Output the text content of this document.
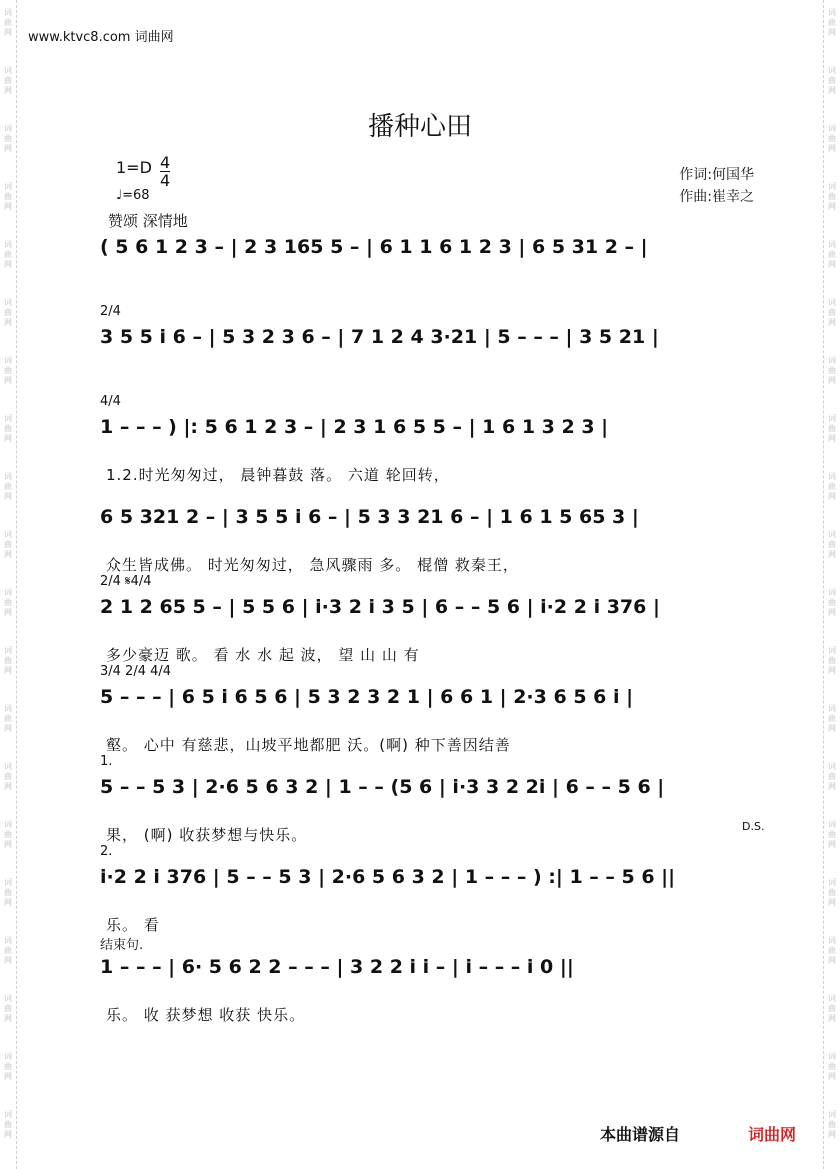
词
曲
网
词
曲
网
词
曲
网
词
曲
网
词
曲
网
词
曲
网
词
曲
网
词
曲
网
词
曲
网
词
曲
网
词
曲
网
词
曲
网
词
曲
网
词
曲
网
词
曲
网
词
曲
网
词
曲
网
词
曲
网
词
曲
网
词
曲
网
词
曲
网
词
曲
网
词
曲
网
词
曲
网
词
曲
网
词
曲
网
词
曲
网
词
曲
网
词
曲
网
词
曲
网
词
曲
网
词
曲
网
词
曲
网
词
曲
网
词
曲
网
词
曲
网
词
曲
网
词
曲
网
词
曲
网
词
曲
网
www.ktvc8.com 词曲网
播种心田
$1=D \frac{4}{4}$
♩=68
赞颂 深情地
作词:何国华
作曲:崔幸之
( 5 6 1 2 3 – | 2 3 165 5 – | 6 1 1 6 1 2 3 | 6 5 31 2 – |
2/4
3 5 5 i 6 – | 5 3 2 3 6 – | 7 1 2 4 3·21 | 5 – – – | 3 5 21 |
4/4
1 – – – ) |: 5 6 1 2 3 – | 2 3 1 6 5 5 – | 1 6 1 3 2 3 |
1.2.时光匆匆过， 晨钟暮鼓 落。 六道 轮回转，
6 5 321 2 – | 3 5 5 i 6 – | 5 3 3 21 6 – | 1 6 1 5 65 3 |
众生皆成佛。 时光匆匆过， 急风骤雨 多。 棍僧 救秦王，
2/4 𝄋4/4
2 1 2 65 5 – | 5 5 6 | i·3 2 i 3 5 | 6 – – 5 6 | i·2 2 i 376 |
多少豪迈 歌。 看 水 水 起 波， 望 山 山 有
3/4 2/4 4/4
5 – – – | 6 5 i 6 5 6 | 5 3 2 3 2 1 | 6 6 1 | 2·3 6 5 6 i |
壑。 心中 有慈悲，山坡平地都肥 沃。(啊) 种下善因结善
1.
5 – – 5 3 | 2·6 5 6 3 2 | 1 – – (5 6 | i·3 3 2 2i | 6 – – 5 6 |
果， (啊) 收获梦想与快乐。
2.
i·2 2 i 376 | 5 – – 5 3 | 2·6 5 6 3 2 | 1 – – – ) :| 1 – – 5 6 ||
乐。 看
结束句.
1 – – – | 6· 5 6 2 2 – – – | 3 2 2 i i – | i – – – i 0 ||
乐。 收 获梦想 收获 快乐。
D.S.
本曲谱源自	词曲网
